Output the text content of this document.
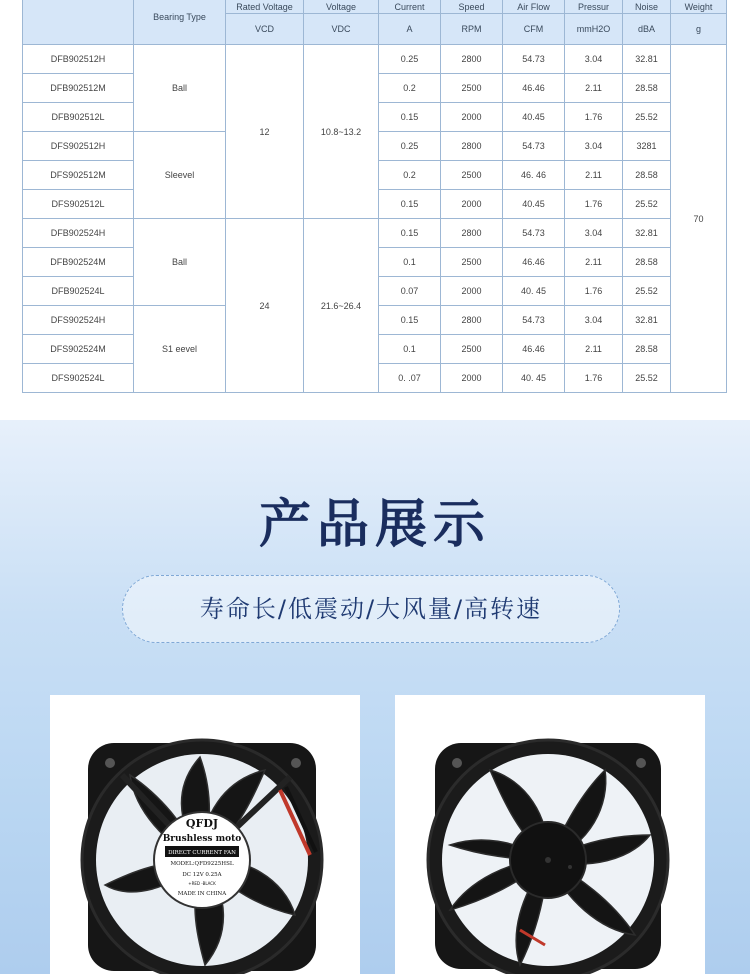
	Bearing Type	Rated Voltage	Voltage	Current	Speed	Air Flow	Pressur	Noise	Weight
		VCD	VDC	A	RPM	CFM	mmH2O	dBA	g
DFB902512H	Ball	12	10.8~13.2	0.25	2800	54.73	3.04	32.81	70
DFB902512M				0.2	2500	46.46	2.11	28.58	
DFB902512L				0.15	2000	40.45	1.76	25.52	
DFS902512H	Sleevel			0.25	2800	54.73	3.04	3281	
DFS902512M				0.2	2500	46. 46	2.11	28.58	
DFS902512L				0.15	2000	40.45	1.76	25.52	
DFB902524H	Ball	24	21.6~26.4	0.15	2800	54.73	3.04	32.81	
DFB902524M				0.1	2500	46.46	2.11	28.58	
DFB902524L				0.07	2000	40. 45	1.76	25.52	
DFS902524H	S1 eevel			0.15	2800	54.73	3.04	32.81	
DFS902524M				0.1	2500	46.46	2.11	28.58	
DFS902524L				0. .07	2000	40. 45	1.76	25.52	
产品展示
寿命长/低震动/大风量/高转速
QFDJ
Brushless moto
DIRECT CURRENT FAN
MODEL:QFD9225HSL
DC 12V 0.25A
+RED -BLACK
MADE IN CHINA
